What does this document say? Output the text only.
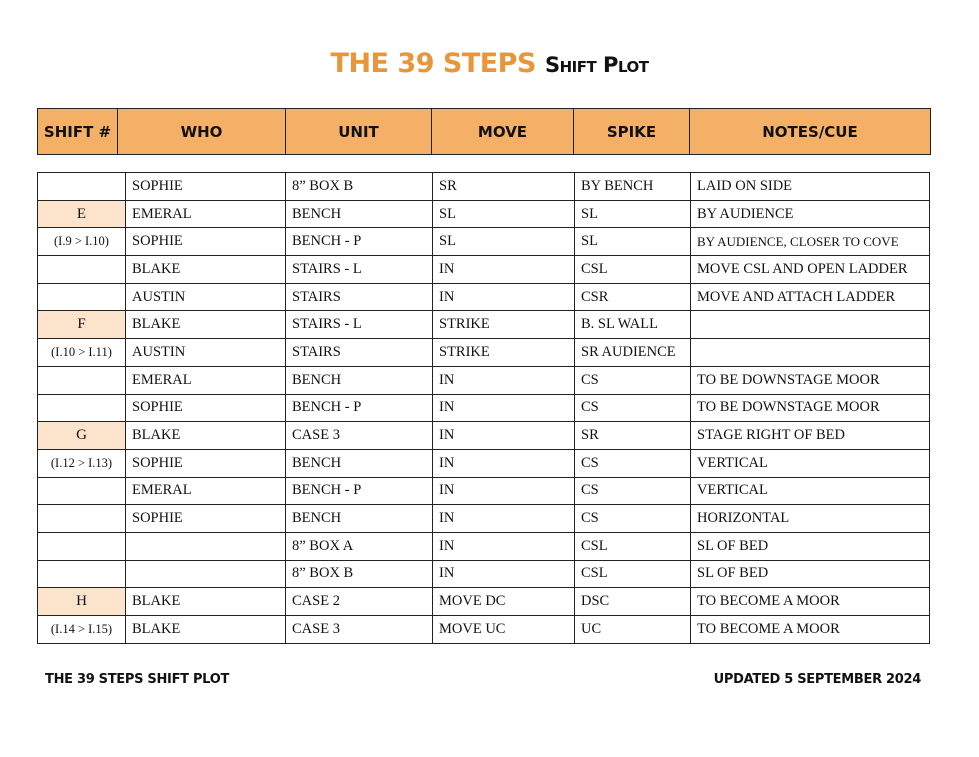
THE 39 STEPS Shift Plot
SHIFT #	WHO	UNIT	MOVE	SPIKE	NOTES/CUE
	SOPHIE	8” BOX B	SR	BY BENCH	LAID ON SIDE
E	EMERAL	BENCH	SL	SL	BY AUDIENCE
(I.9 > I.10)	SOPHIE	BENCH - P	SL	SL	BY AUDIENCE, CLOSER TO COVE
	BLAKE	STAIRS - L	IN	CSL	MOVE CSL AND OPEN LADDER
	AUSTIN	STAIRS	IN	CSR	MOVE AND ATTACH LADDER
F	BLAKE	STAIRS - L	STRIKE	B. SL WALL	
(I.10 > I.11)	AUSTIN	STAIRS	STRIKE	SR AUDIENCE	
	EMERAL	BENCH	IN	CS	TO BE DOWNSTAGE MOOR
	SOPHIE	BENCH - P	IN	CS	TO BE DOWNSTAGE MOOR
G	BLAKE	CASE 3	IN	SR	STAGE RIGHT OF BED
(I.12 > I.13)	SOPHIE	BENCH	IN	CS	VERTICAL
	EMERAL	BENCH - P	IN	CS	VERTICAL
	SOPHIE	BENCH	IN	CS	HORIZONTAL
		8” BOX A	IN	CSL	SL OF BED
		8” BOX B	IN	CSL	SL OF BED
H	BLAKE	CASE 2	MOVE DC	DSC	TO BECOME A MOOR
(I.14 > I.15)	BLAKE	CASE 3	MOVE UC	UC	TO BECOME A MOOR
THE 39 STEPS SHIFT PLOT	UPDATED 5 SEPTEMBER 2024
